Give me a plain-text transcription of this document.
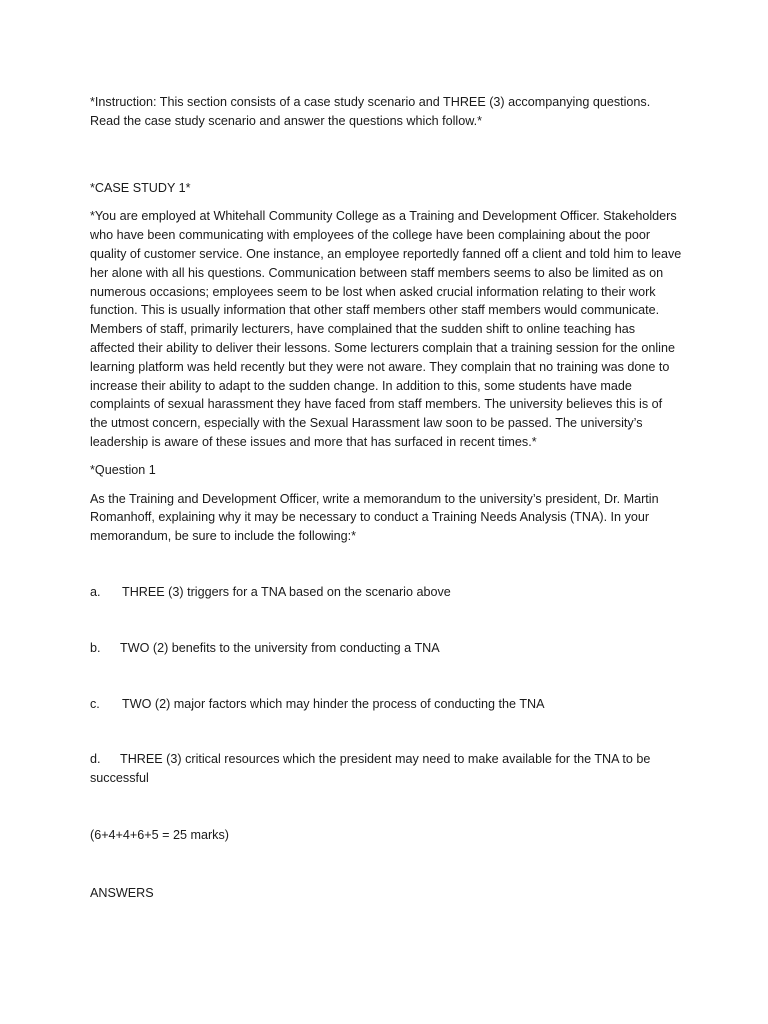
*Instruction: This section consists of a case study scenario and THREE (3) accompanying questions. Read the case study scenario and answer the questions which follow.*

*CASE STUDY 1*

*You are employed at Whitehall Community College as a Training and Development Officer. Stakeholders who have been communicating with employees of the college have been complaining about the poor quality of customer service. One instance, an employee reportedly fanned off a client and told him to leave her alone with all his questions. Communication between staff members seems to also be limited as on numerous occasions; employees seem to be lost when asked crucial information relating to their work function. This is usually information that other staff members other staff members would communicate. Members of staff, primarily lecturers, have complained that the sudden shift to online teaching has affected their ability to deliver their lessons. Some lecturers complain that a training session for the online learning platform was held recently but they were not aware. They complain that no training was done to increase their ability to adapt to the sudden change. In addition to this, some students have made complaints of sexual harassment they have faced from staff members. The university believes this is of the utmost concern, especially with the Sexual Harassment law soon to be passed. The university’s leadership is aware of these issues and more that has surfaced in recent times.*

*Question 1

As the Training and Development Officer, write a memorandum to the university’s president, Dr. Martin Romanhoff, explaining why it may be necessary to conduct a Training Needs Analysis (TNA). In your memorandum, be sure to include the following:*

a. THREE (3) triggers for a TNA based on the scenario above

b. TWO (2) benefits to the university from conducting a TNA

c. TWO (2) major factors which may hinder the process of conducting the TNA

d. THREE (3) critical resources which the president may need to make available for the TNA to be successful

(6+4+4+6+5 = 25 marks)

ANSWERS
